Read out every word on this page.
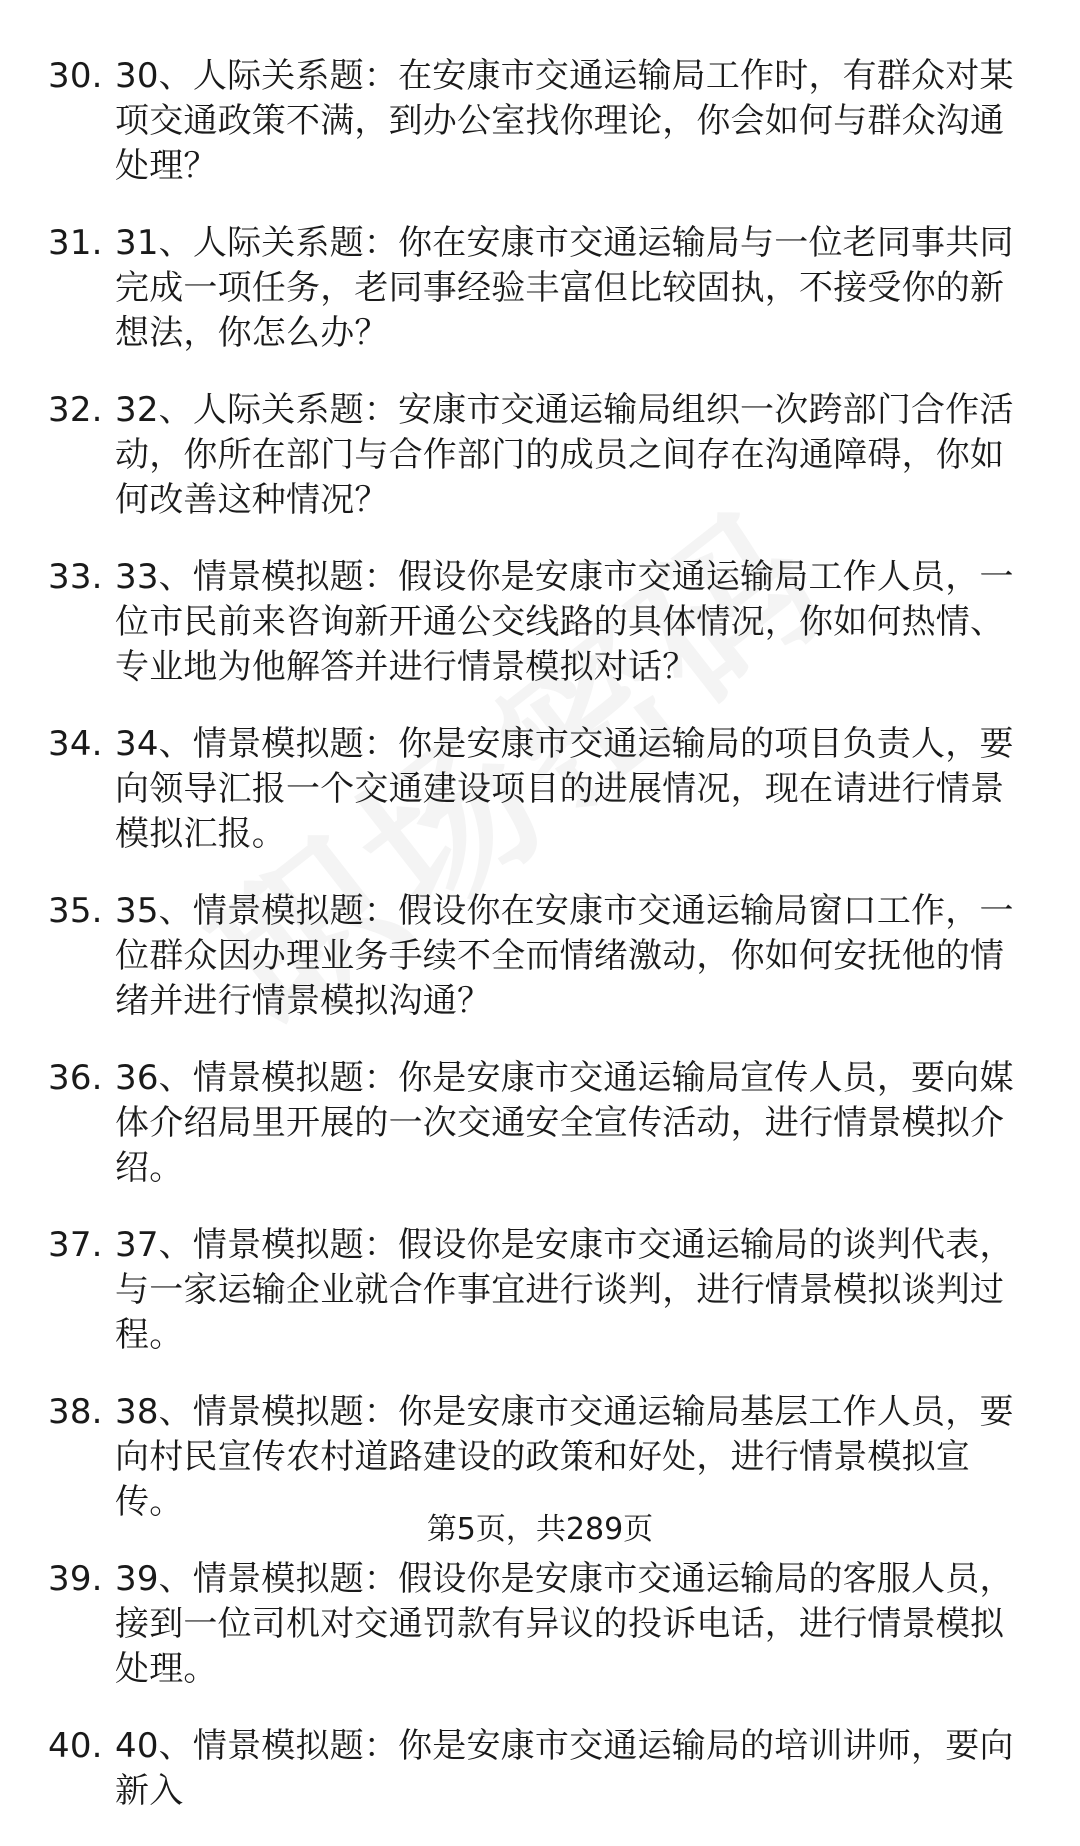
30. 30、人际关系题：在安康市交通运输局工作时，有群众对某项交通政策不满，到办公室找你理论，你会如何与群众沟通处理？
31. 31、人际关系题：你在安康市交通运输局与一位老同事共同完成一项任务，老同事经验丰富但比较固执，不接受你的新想法，你怎么办？
32. 32、人际关系题：安康市交通运输局组织一次跨部门合作活动，你所在部门与合作部门的成员之间存在沟通障碍，你如何改善这种情况？
33. 33、情景模拟题：假设你是安康市交通运输局工作人员，一位市民前来咨询新开通公交线路的具体情况，你如何热情、专业地为他解答并进行情景模拟对话？
34. 34、情景模拟题：你是安康市交通运输局的项目负责人，要向领导汇报一个交通建设项目的进展情况，现在请进行情景模拟汇报。
35. 35、情景模拟题：假设你在安康市交通运输局窗口工作，一位群众因办理业务手续不全而情绪激动，你如何安抚他的情绪并进行情景模拟沟通？
36. 36、情景模拟题：你是安康市交通运输局宣传人员，要向媒体介绍局里开展的一次交通安全宣传活动，进行情景模拟介绍。
37. 37、情景模拟题：假设你是安康市交通运输局的谈判代表，与一家运输企业就合作事宜进行谈判，进行情景模拟谈判过程。
38. 38、情景模拟题：你是安康市交通运输局基层工作人员，要向村民宣传农村道路建设的政策和好处，进行情景模拟宣传。
39. 39、情景模拟题：假设你是安康市交通运输局的客服人员，接到一位司机对交通罚款有异议的投诉电话，进行情景模拟处理。
40. 40、情景模拟题：你是安康市交通运输局的培训讲师，要向新入
第5页，共289页
